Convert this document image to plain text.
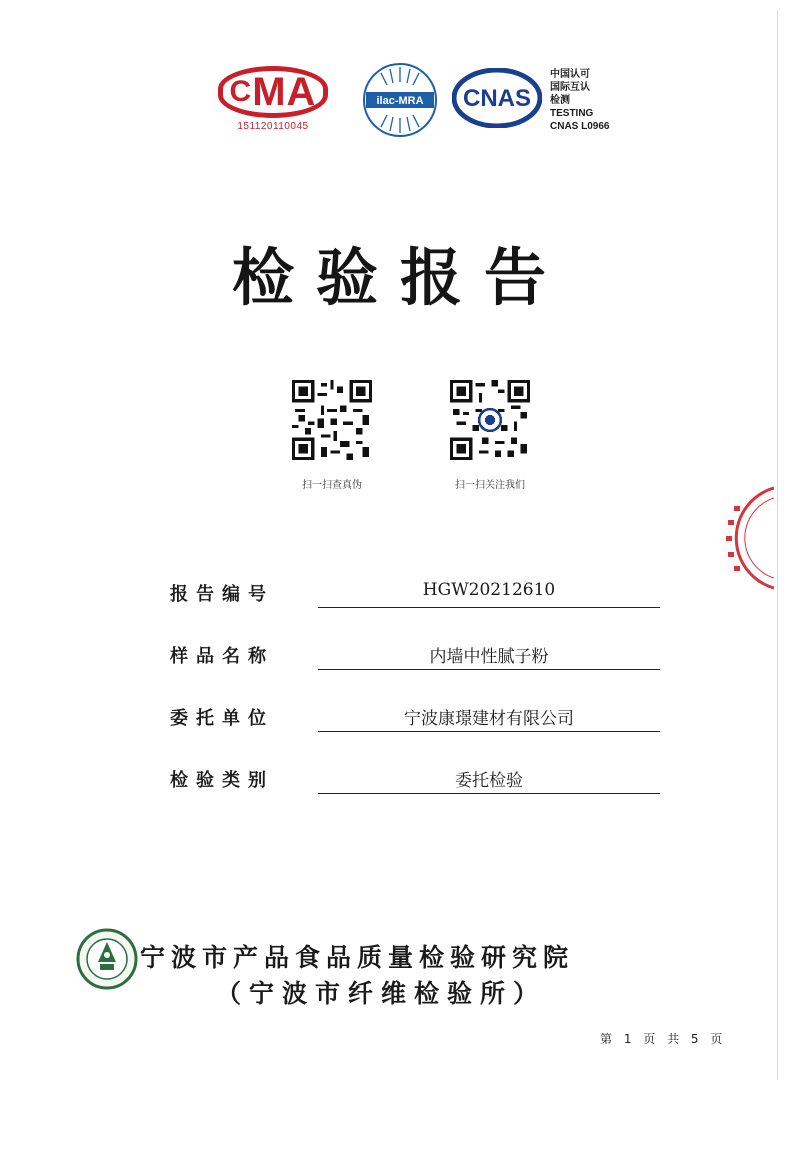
C MA
151120110045
ilac-MRA CNAS
中国认可
国际互认
检测
TESTING
CNAS L0966
检验报告
扫一扫查真伪	扫一扫关注我们
报告编号	HGW20212610
样品名称	内墙中性腻子粉
委托单位	宁波康璟建材有限公司
检验类别	委托检验
宁波市产品食品质量检验研究院
（宁波市纤维检验所）
第 1 页 共 5 页
